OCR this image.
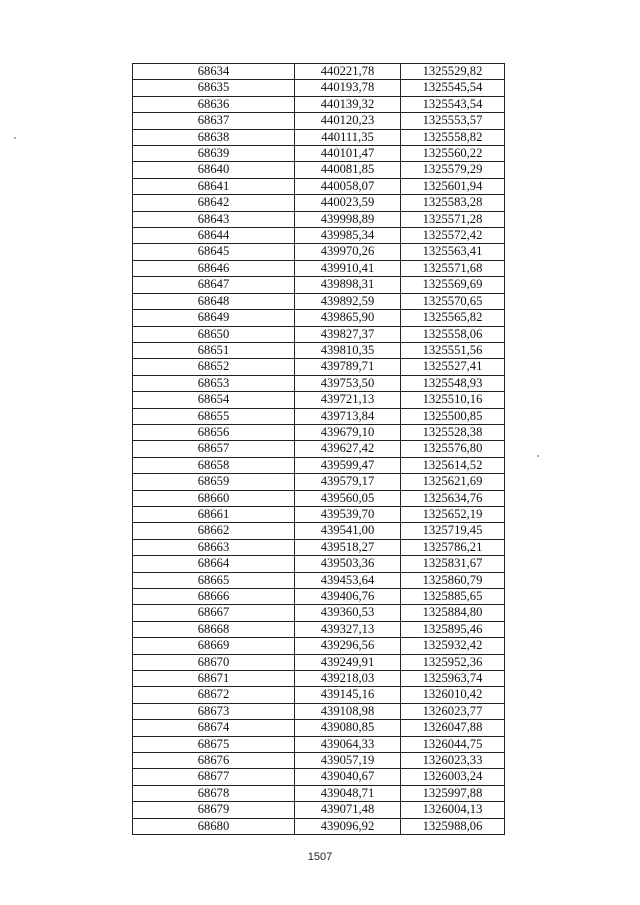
68634	440221,78	1325529,82
68635	440193,78	1325545,54
68636	440139,32	1325543,54
68637	440120,23	1325553,57
68638	440111,35	1325558,82
68639	440101,47	1325560,22
68640	440081,85	1325579,29
68641	440058,07	1325601,94
68642	440023,59	1325583,28
68643	439998,89	1325571,28
68644	439985,34	1325572,42
68645	439970,26	1325563,41
68646	439910,41	1325571,68
68647	439898,31	1325569,69
68648	439892,59	1325570,65
68649	439865,90	1325565,82
68650	439827,37	1325558,06
68651	439810,35	1325551,56
68652	439789,71	1325527,41
68653	439753,50	1325548,93
68654	439721,13	1325510,16
68655	439713,84	1325500,85
68656	439679,10	1325528,38
68657	439627,42	1325576,80
68658	439599,47	1325614,52
68659	439579,17	1325621,69
68660	439560,05	1325634,76
68661	439539,70	1325652,19
68662	439541,00	1325719,45
68663	439518,27	1325786,21
68664	439503,36	1325831,67
68665	439453,64	1325860,79
68666	439406,76	1325885,65
68667	439360,53	1325884,80
68668	439327,13	1325895,46
68669	439296,56	1325932,42
68670	439249,91	1325952,36
68671	439218,03	1325963,74
68672	439145,16	1326010,42
68673	439108,98	1326023,77
68674	439080,85	1326047,88
68675	439064,33	1326044,75
68676	439057,19	1326023,33
68677	439040,67	1326003,24
68678	439048,71	1325997,88
68679	439071,48	1326004,13
68680	439096,92	1325988,06
1507
